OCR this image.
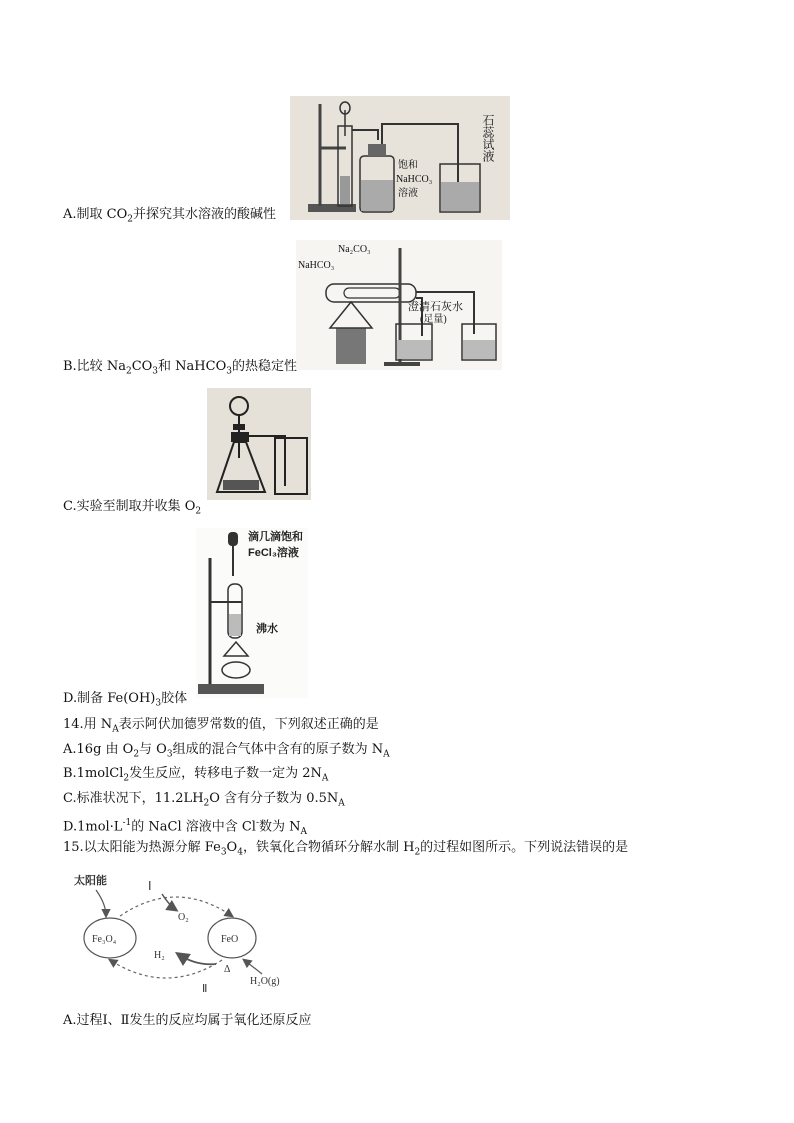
饱和
NaHCO₃
溶液
石蕊试液
A.制取 $CO_2$并探究其水溶液的酸碱性
Na₂CO₃
NaHCO₃
澄清石灰水
(足量)
B.比较 $Na_2CO_3$和 NaHCO$_3$的热稳定性
C.实验至制取并收集 $O_2$
滴几滴饱和
FeCl₃溶液
沸水
D.制备 $Fe(OH)_3$胶体
14.用 $N_A$表示阿伏加德罗常数的值，下列叙述正确的是
A.16g 由 $O_2$与 $O_3$组成的混合气体中含有的原子数为 $N_A$
B.1molCl$_2$发生反应，转移电子数一定为 $2N_A$
C.标准状况下，$11.2LH_2O$ 含有分子数为 $0.5N_A$
$D.1mol\cdot L^{-1}$的 NaCl 溶液中含 Cl-数为 $N_A$
15.以太阳能为热源分解 $Fe_3O_4$，铁氧化合物循环分解水制 $H_2$的过程如图所示。下列说法错误的是
太阳能
Fe₃O₄	FeO
Ⅰ
O₂
H₂
Δ
H₂O(g)
Ⅱ
A.过程Ⅰ、Ⅱ发生的反应均属于氧化还原反应
